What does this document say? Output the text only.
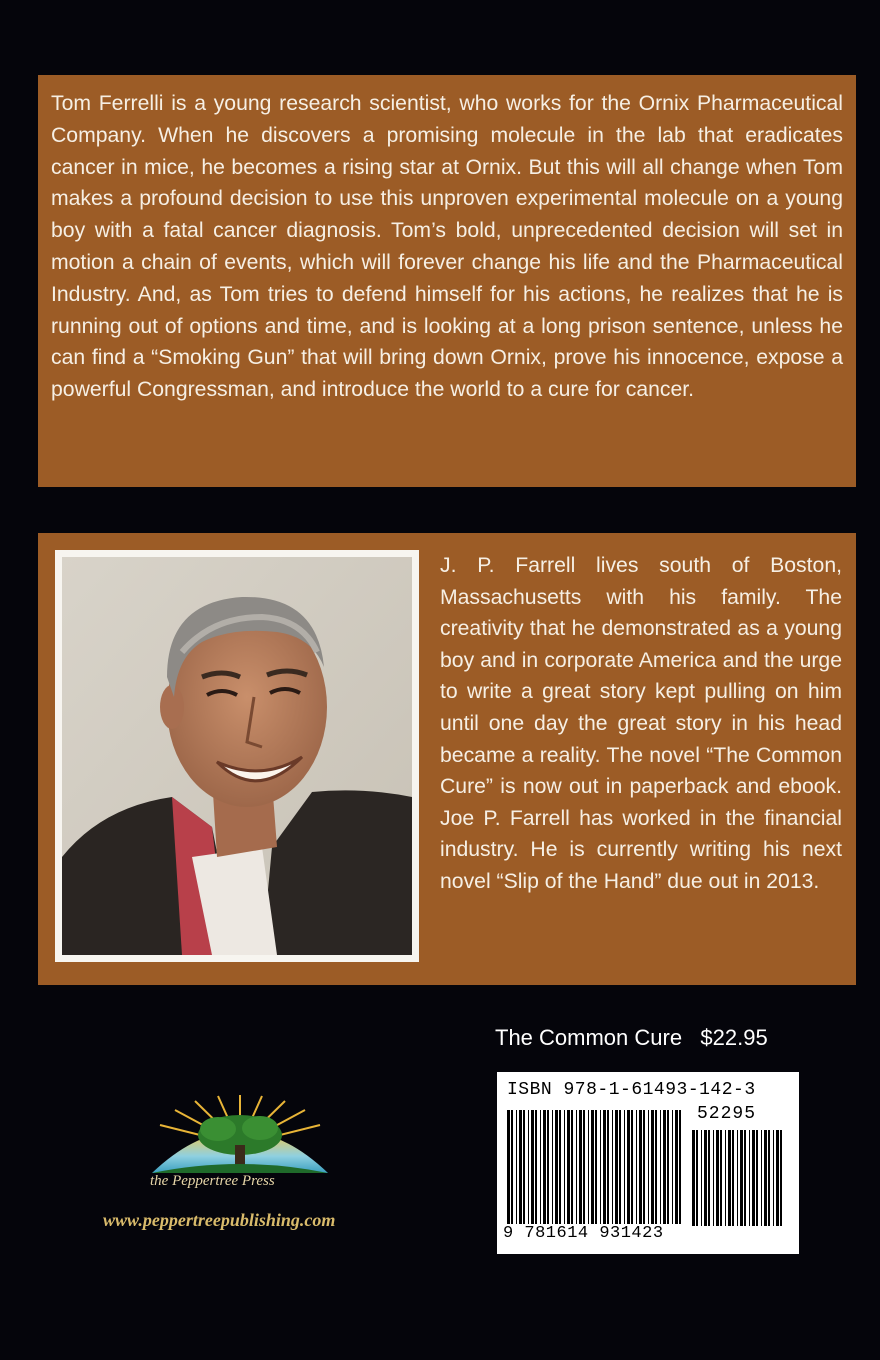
Tom Ferrelli is a young research scientist, who works for the Ornix Pharmaceutical Company. When he discovers a promising molecule in the lab that eradicates cancer in mice, he becomes a rising star at Ornix. But this will all change when Tom makes a profound decision to use this unproven experimental molecule on a young boy with a fatal cancer diagnosis. Tom’s bold, unprecedented decision will set in motion a chain of events, which will forever change his life and the Pharmaceutical Industry. And, as Tom tries to defend himself for his actions, he realizes that he is running out of options and time, and is looking at a long prison sentence, unless he can find a “Smoking Gun” that will bring down Ornix, prove his innocence, expose a powerful Congressman, and introduce the world to a cure for cancer.

J. P. Farrell lives south of Boston, Massachusetts with his family. The creativity that he demonstrated as a young boy and in corporate America and the urge to write a great story kept pulling on him until one day the great story in his head became a reality. The novel “The Common Cure” is now out in paperback and ebook. Joe P. Farrell has worked in the financial industry. He is currently writing his next novel “Slip of the Hand” due out in 2013.

The Common Cure $22.95
ISBN 978-1-61493-142-3
52295
9 781614 931423
the Peppertree Press
www.peppertreepublishing.com
